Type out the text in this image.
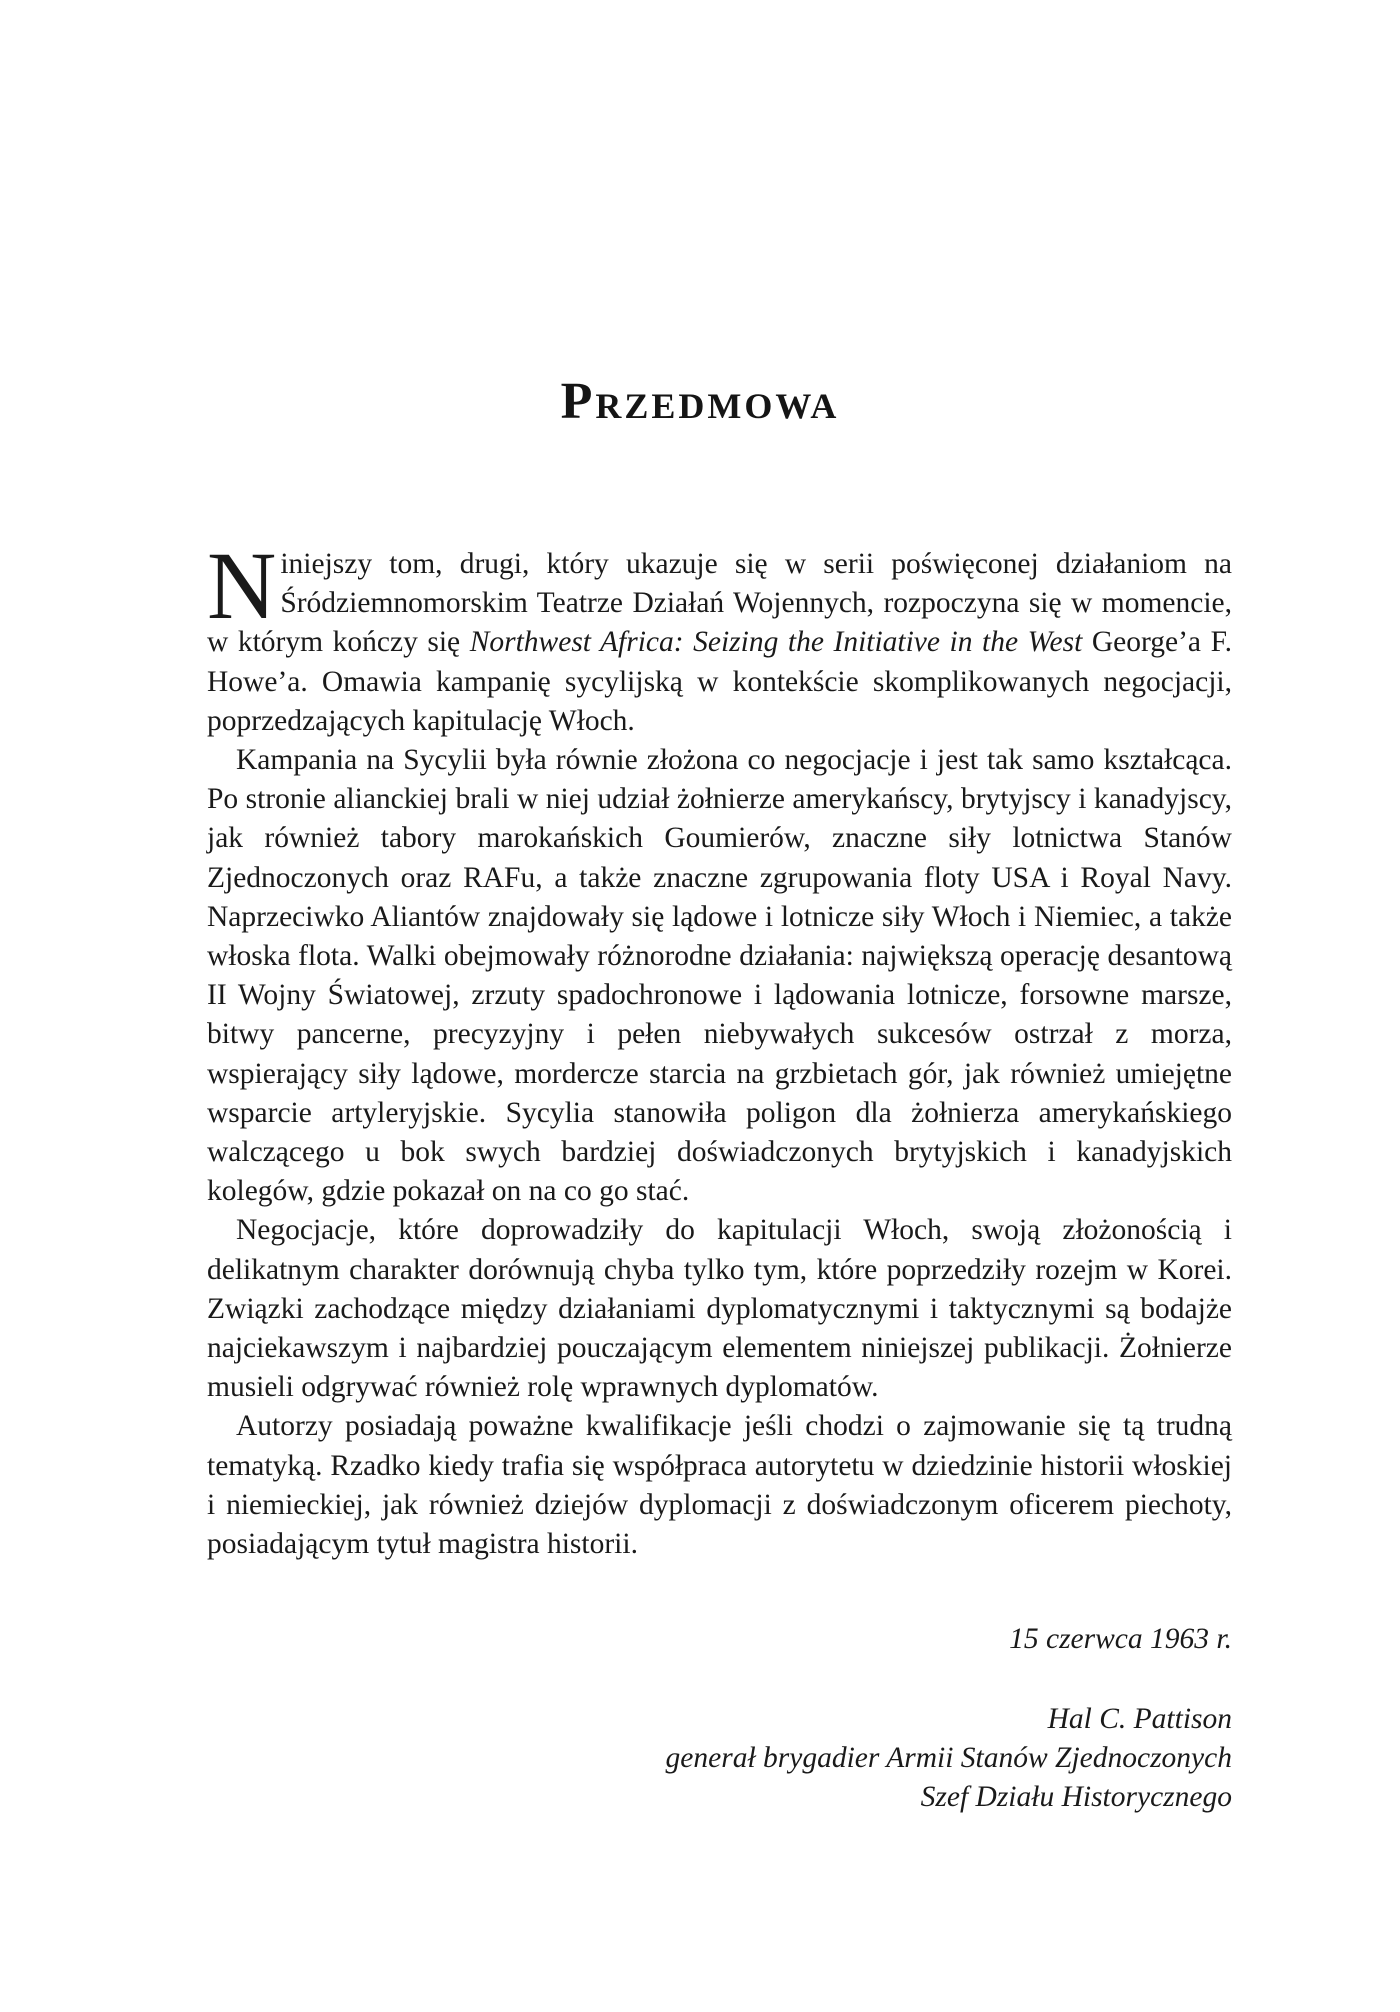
Przedmowa

Niniejszy tom, drugi, który ukazuje się w serii poświęconej działaniom na Śródziemnomorskim Teatrze Działań Wojennych, rozpoczyna się w momencie, w którym kończy się Northwest Africa: Seizing the Initiative in the West George’a F. Howe’a. Omawia kampanię sycylijską w kontekście skomplikowanych negocjacji, poprzedzających kapitulację Włoch.

Kampania na Sycylii była równie złożona co negocjacje i jest tak samo kształcąca. Po stronie alianckiej brali w niej udział żołnierze amerykańscy, brytyjscy i kanadyjscy, jak również tabory marokańskich Goumierów, znaczne siły lotnictwa Stanów Zjednoczonych oraz RAFu, a także znaczne zgrupowania floty USA i Royal Navy. Naprzeciwko Aliantów znajdowały się lądowe i lotnicze siły Włoch i Niemiec, a także włoska flota. Walki obejmowały różnorodne działania: największą operację desantową II Wojny Światowej, zrzuty spadochronowe i lądowania lotnicze, forsowne marsze, bitwy pancerne, precyzyjny i pełen niebywałych sukcesów ostrzał z morza, wspierający siły lądowe, mordercze starcia na grzbietach gór, jak również umiejętne wsparcie artyleryjskie. Sycylia stanowiła poligon dla żołnierza amerykańskiego walczącego u bok swych bardziej doświadczonych brytyjskich i kanadyjskich kolegów, gdzie pokazał on na co go stać.

Negocjacje, które doprowadziły do kapitulacji Włoch, swoją złożonością i delikatnym charakter dorównują chyba tylko tym, które poprzedziły rozejm w Korei. Związki zachodzące między działaniami dyplomatycznymi i taktycznymi są bodajże najciekawszym i najbardziej pouczającym elementem niniejszej publikacji. Żołnierze musieli odgrywać również rolę wprawnych dyplomatów.

Autorzy posiadają poważne kwalifikacje jeśli chodzi o zajmowanie się tą trudną tematyką. Rzadko kiedy trafia się współpraca autorytetu w dziedzinie historii włoskiej i niemieckiej, jak również dziejów dyplomacji z doświadczonym oficerem piechoty, posiadającym tytuł magistra historii.

15 czerwca 1963 r.
Hal C. Pattison
generał brygadier Armii Stanów Zjednoczonych
Szef Działu Historycznego
